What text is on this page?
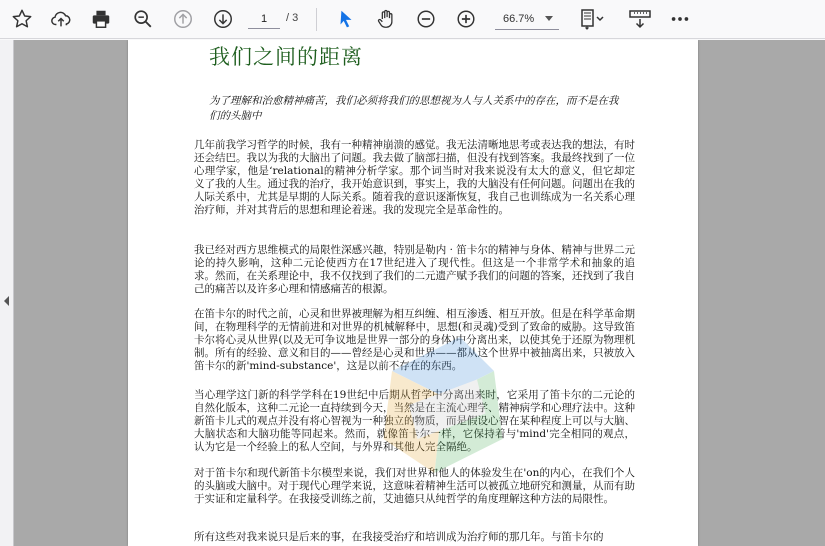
1
/ 3	66.7%
我们之间的距离
为了理解和治愈精神痛苦，我们必须将我们的思想视为人与人关系中的存在，而不是在我们的头脑中

几年前我学习哲学的时候，我有一种精神崩溃的感觉。我无法清晰地思考或表达我的想法，有时还会结巴。我以为我的大脑出了问题。我去做了脑部扫描，但没有找到答案。我最终找到了一位心理学家，他是‘relational的精神分析学家。那个词当时对我来说没有太大的意义，但它却定义了我的人生。通过我的治疗，我开始意识到，事实上，我的大脑没有任何问题。问题出在我的人际关系中，尤其是早期的人际关系。随着我的意识逐渐恢复，我自己也训练成为一名关系心理治疗师，并对其背后的思想和理论着迷。我的发现完全是革命性的。

我已经对西方思维模式的局限性深感兴趣，特别是勒内 · 笛卡尔的精神与身体、精神与世界二元论的持久影响，这种二元论使西方在17世纪进入了现代性。但这是一个非常学术和抽象的追求。然而，在关系理论中，我不仅找到了我们的二元遗产赋予我们的问题的答案，还找到了我自己的痛苦以及许多心理和情感痛苦的根源。

在笛卡尔的时代之前，心灵和世界被理解为相互纠缠、相互渗透、相互开放。但是在科学革命期间，在物理科学的无情前进和对世界的机械解释中，思想(和灵魂)受到了致命的威胁。这导致笛卡尔将心灵从世界(以及无可争议地是世界一部分的身体)中分离出来，以使其免于还原为物理机制。所有的经验、意义和目的——曾经是心灵和世界——都从这个世界中被抽离出来，只被放入笛卡尔的新'mind-substance'，这是以前不存在的东西。

当心理学这门新的科学学科在19世纪中后期从哲学中分离出来时，它采用了笛卡尔的二元论的自然化版本，这种二元论一直持续到今天，当然是在主流心理学、精神病学和心理疗法中。这种新笛卡儿式的观点并没有将心智视为一种独立的物质，而是假设心智在某种程度上可以与大脑、大脑状态和大脑功能等同起来。然而，就像笛卡尔一样，它保持着与'mind'完全相同的观点，认为它是一个经验上的私人空间，与外界和其他人完全隔绝。

对于笛卡尔和现代新笛卡尔模型来说，我们对世界和他人的体验发生在'on的内心，在我们个人的头脑或大脑中。对于现代心理学来说，这意味着精神生活可以被孤立地研究和测量，从而有助于实证和定量科学。在我接受训练之前，艾迪德只从纯哲学的角度理解这种方法的局限性。

所有这些对我来说只是后来的事，在我接受治疗和培训成为治疗师的那几年。与笛卡尔的
